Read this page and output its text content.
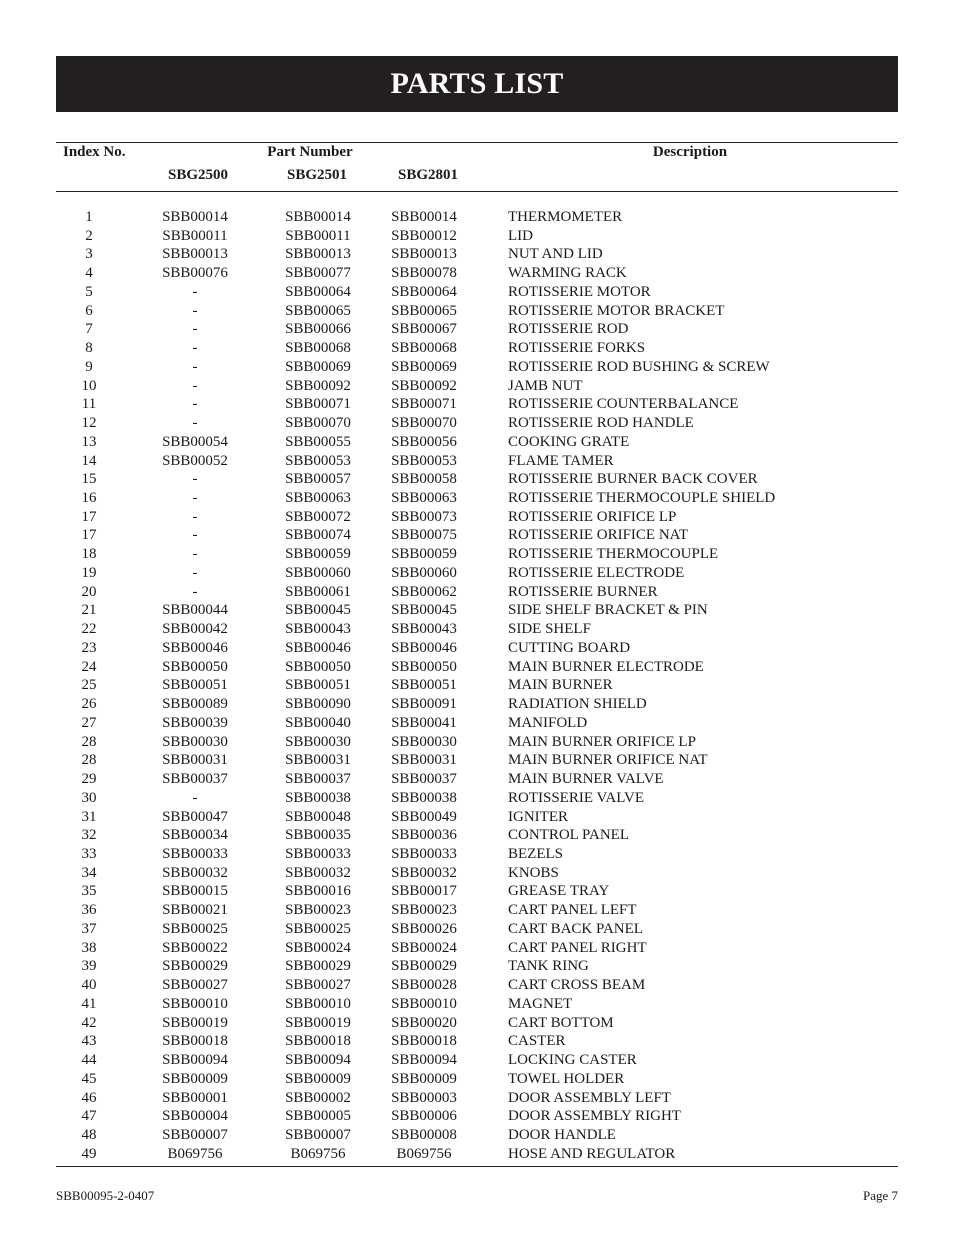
PARTS LIST
Index No.	Part Number	Description
SBG2500	SBG2501	SBG2801
1	SBB00014	SBB00014	SBB00014	THERMOMETER
2	SBB00011	SBB00011	SBB00012	LID
3	SBB00013	SBB00013	SBB00013	NUT AND LID
4	SBB00076	SBB00077	SBB00078	WARMING RACK
5	-	SBB00064	SBB00064	ROTISSERIE MOTOR
6	-	SBB00065	SBB00065	ROTISSERIE MOTOR BRACKET
7	-	SBB00066	SBB00067	ROTISSERIE ROD
8	-	SBB00068	SBB00068	ROTISSERIE FORKS
9	-	SBB00069	SBB00069	ROTISSERIE ROD BUSHING & SCREW
10	-	SBB00092	SBB00092	JAMB NUT
11	-	SBB00071	SBB00071	ROTISSERIE COUNTERBALANCE
12	-	SBB00070	SBB00070	ROTISSERIE ROD HANDLE
13	SBB00054	SBB00055	SBB00056	COOKING GRATE
14	SBB00052	SBB00053	SBB00053	FLAME TAMER
15	-	SBB00057	SBB00058	ROTISSERIE BURNER BACK COVER
16	-	SBB00063	SBB00063	ROTISSERIE THERMOCOUPLE SHIELD
17	-	SBB00072	SBB00073	ROTISSERIE ORIFICE LP
17	-	SBB00074	SBB00075	ROTISSERIE ORIFICE NAT
18	-	SBB00059	SBB00059	ROTISSERIE THERMOCOUPLE
19	-	SBB00060	SBB00060	ROTISSERIE ELECTRODE
20	-	SBB00061	SBB00062	ROTISSERIE BURNER
21	SBB00044	SBB00045	SBB00045	SIDE SHELF BRACKET & PIN
22	SBB00042	SBB00043	SBB00043	SIDE SHELF
23	SBB00046	SBB00046	SBB00046	CUTTING BOARD
24	SBB00050	SBB00050	SBB00050	MAIN BURNER ELECTRODE
25	SBB00051	SBB00051	SBB00051	MAIN BURNER
26	SBB00089	SBB00090	SBB00091	RADIATION SHIELD
27	SBB00039	SBB00040	SBB00041	MANIFOLD
28	SBB00030	SBB00030	SBB00030	MAIN BURNER ORIFICE LP
28	SBB00031	SBB00031	SBB00031	MAIN BURNER ORIFICE NAT
29	SBB00037	SBB00037	SBB00037	MAIN BURNER VALVE
30	-	SBB00038	SBB00038	ROTISSERIE VALVE
31	SBB00047	SBB00048	SBB00049	IGNITER
32	SBB00034	SBB00035	SBB00036	CONTROL PANEL
33	SBB00033	SBB00033	SBB00033	BEZELS
34	SBB00032	SBB00032	SBB00032	KNOBS
35	SBB00015	SBB00016	SBB00017	GREASE TRAY
36	SBB00021	SBB00023	SBB00023	CART PANEL LEFT
37	SBB00025	SBB00025	SBB00026	CART BACK PANEL
38	SBB00022	SBB00024	SBB00024	CART PANEL RIGHT
39	SBB00029	SBB00029	SBB00029	TANK RING
40	SBB00027	SBB00027	SBB00028	CART CROSS BEAM
41	SBB00010	SBB00010	SBB00010	MAGNET
42	SBB00019	SBB00019	SBB00020	CART BOTTOM
43	SBB00018	SBB00018	SBB00018	CASTER
44	SBB00094	SBB00094	SBB00094	LOCKING CASTER
45	SBB00009	SBB00009	SBB00009	TOWEL HOLDER
46	SBB00001	SBB00002	SBB00003	DOOR ASSEMBLY LEFT
47	SBB00004	SBB00005	SBB00006	DOOR ASSEMBLY RIGHT
48	SBB00007	SBB00007	SBB00008	DOOR HANDLE
49	B069756	B069756	B069756	HOSE AND REGULATOR
SBB00095-2-0407	Page 7
